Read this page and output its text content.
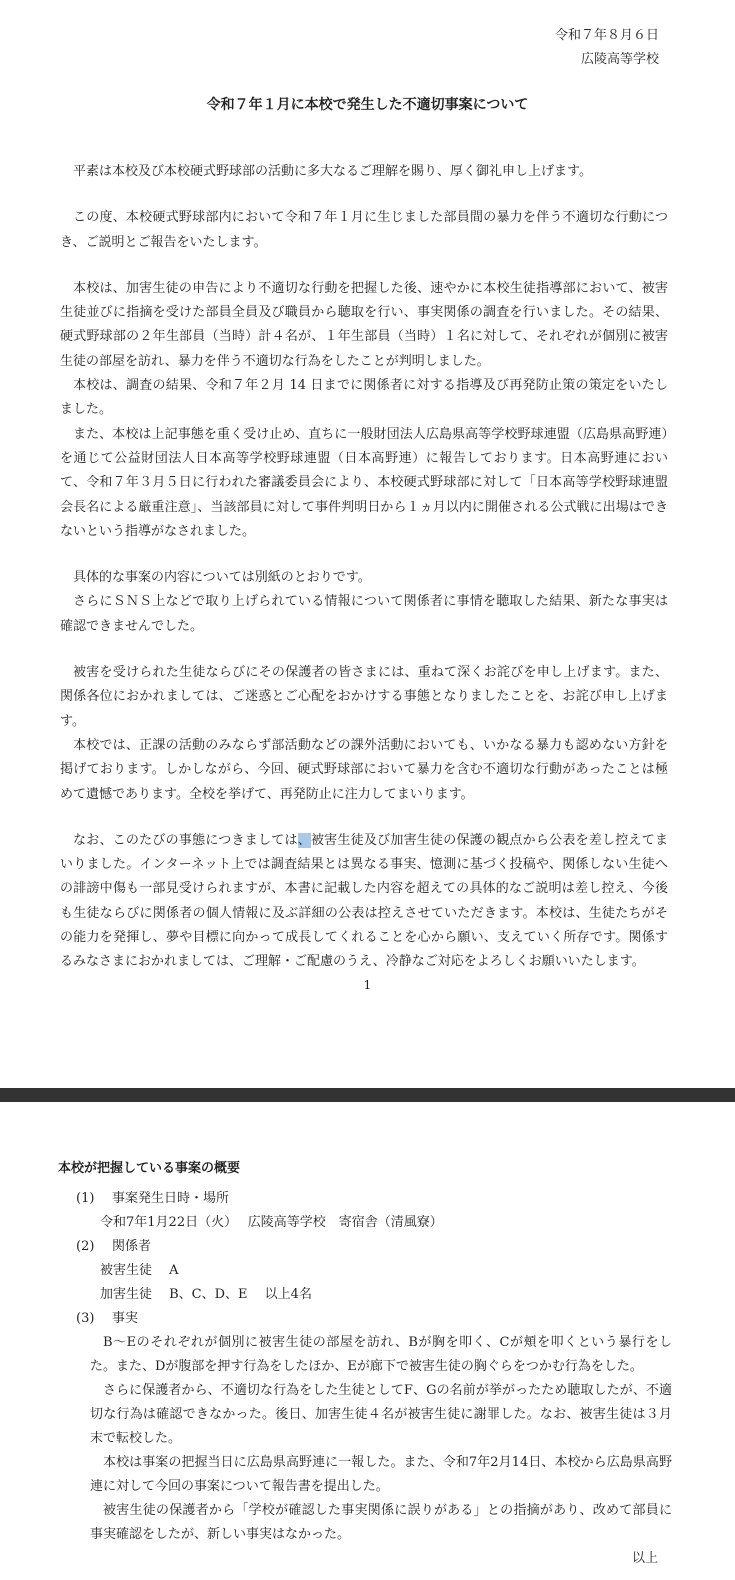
令和７年８月６日
広陵高等学校
令和７年１月に本校で発生した不適切事案について

平素は本校及び本校硬式野球部の活動に多大なるご理解を賜り、厚く御礼申し上げます。

この度、本校硬式野球部内において令和７年１月に生じました部員間の暴力を伴う不適切な行動につき、ご説明とご報告をいたします。

本校は、加害生徒の申告により不適切な行動を把握した後、速やかに本校生徒指導部において、被害生徒並びに指摘を受けた部員全員及び職員から聴取を行い、事実関係の調査を行いました。その結果、硬式野球部の２年生部員（当時）計４名が、１年生部員（当時）１名に対して、それぞれが個別に被害生徒の部屋を訪れ、暴力を伴う不適切な行為をしたことが判明しました。

本校は、調査の結果、令和７年２月 14 日までに関係者に対する指導及び再発防止策の策定をいたしました。

また、本校は上記事態を重く受け止め、直ちに一般財団法人広島県高等学校野球連盟（広島県高野連）を通じて公益財団法人日本高等学校野球連盟（日本高野連）に報告しております。日本高野連において、令和７年３月５日に行われた審議委員会により、本校硬式野球部に対して「日本高等学校野球連盟会長名による厳重注意」、当該部員に対して事件判明日から１ヵ月以内に開催される公式戦に出場はできないという指導がなされました。

具体的な事案の内容については別紙のとおりです。

さらにＳＮＳ上などで取り上げられている情報について関係者に事情を聴取した結果、新たな事実は確認できませんでした。

被害を受けられた生徒ならびにその保護者の皆さまには、重ねて深くお詫びを申し上げます。また、関係各位におかれましては、ご迷惑とご心配をおかけする事態となりましたことを、お詫び申し上げます。

本校では、正課の活動のみならず部活動などの課外活動においても、いかなる暴力も認めない方針を掲げております。しかしながら、今回、硬式野球部において暴力を含む不適切な行動があったことは極めて遺憾であります。全校を挙げて、再発防止に注力してまいります。

なお、このたびの事態につきましては、被害生徒及び加害生徒の保護の観点から公表を差し控えてまいりました。インターネット上では調査結果とは異なる事実、憶測に基づく投稿や、関係しない生徒への誹謗中傷も一部見受けられますが、本書に記載した内容を超えての具体的なご説明は差し控え、今後も生徒ならびに関係者の個人情報に及ぶ詳細の公表は控えさせていただきます。本校は、生徒たちがその能力を発揮し、夢や目標に向かって成長してくれることを心から願い、支えていく所存です。関係するみなさまにおかれましては、ご理解・ご配慮のうえ、冷静なご対応をよろしくお願いいたします。

1
本校が把握している事案の概要
(1) 事案発生日時・場所
令和7年1月22日（火）　 広陵高等学校　寄宿舎（清風寮）
(2) 関係者
被害生徒　 A
加害生徒　 B、C、D、E　 以上4名
(3) 事実
B～Eのそれぞれが個別に被害生徒の部屋を訪れ、Bが胸を叩く、Cが頬を叩くという暴行をした。また、Dが腹部を押す行為をしたほか、Eが廊下で被害生徒の胸ぐらをつかむ行為をした。
さらに保護者から、不適切な行為をした生徒としてF、Gの名前が挙がったため聴取したが、不適切な行為は確認できなかった。後日、加害生徒４名が被害生徒に謝罪した。なお、被害生徒は３月末で転校した。
本校は事案の把握当日に広島県高野連に一報した。また、令和7年2月14日、本校から広島県高野連に対して今回の事案について報告書を提出した。
被害生徒の保護者から「学校が確認した事実関係に誤りがある」との指摘があり、改めて部員に事実確認をしたが、新しい事実はなかった。
以上
